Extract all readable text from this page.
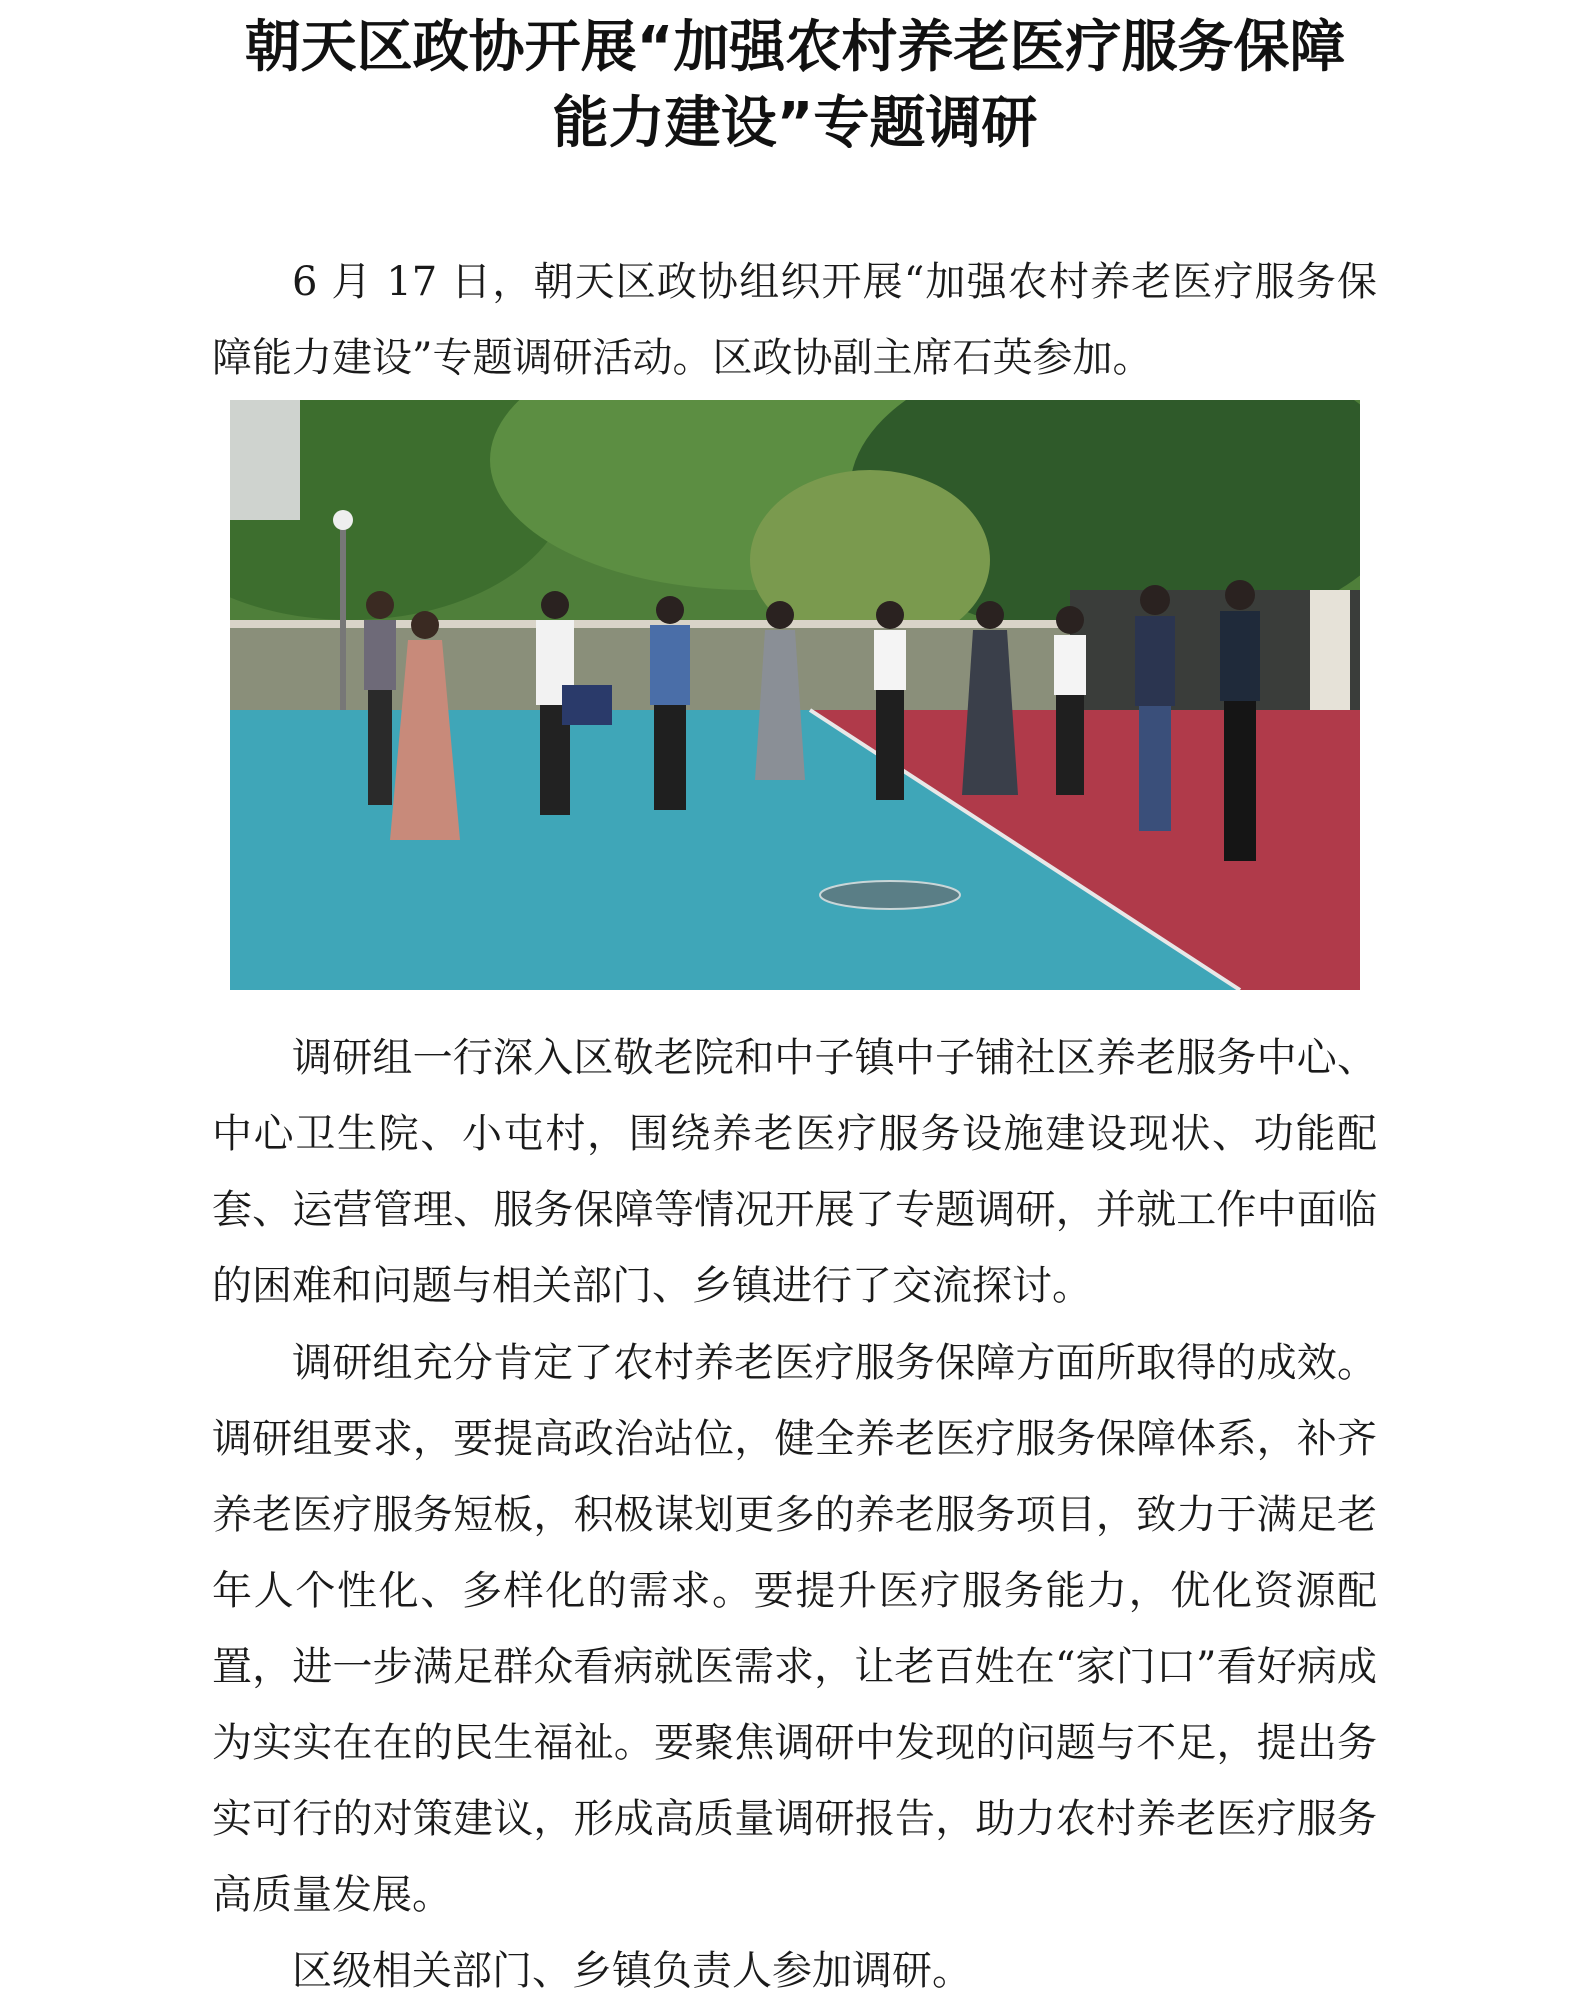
朝天区政协开展“加强农村养老医疗服务保障
能力建设”专题调研

6 月 17 日，朝天区政协组织开展“加强农村养老医疗服务保障能力建设”专题调研活动。区政协副主席石英参加。

调研组一行深入区敬老院和中子镇中子铺社区养老服务中心、中心卫生院、小屯村，围绕养老医疗服务设施建设现状、功能配套、运营管理、服务保障等情况开展了专题调研，并就工作中面临的困难和问题与相关部门、乡镇进行了交流探讨。

调研组充分肯定了农村养老医疗服务保障方面所取得的成效。调研组要求，要提高政治站位，健全养老医疗服务保障体系，补齐养老医疗服务短板，积极谋划更多的养老服务项目，致力于满足老年人个性化、多样化的需求。要提升医疗服务能力，优化资源配置，进一步满足群众看病就医需求，让老百姓在“家门口”看好病成为实实在在的民生福祉。要聚焦调研中发现的问题与不足，提出务实可行的对策建议，形成高质量调研报告，助力农村养老医疗服务高质量发展。

区级相关部门、乡镇负责人参加调研。
